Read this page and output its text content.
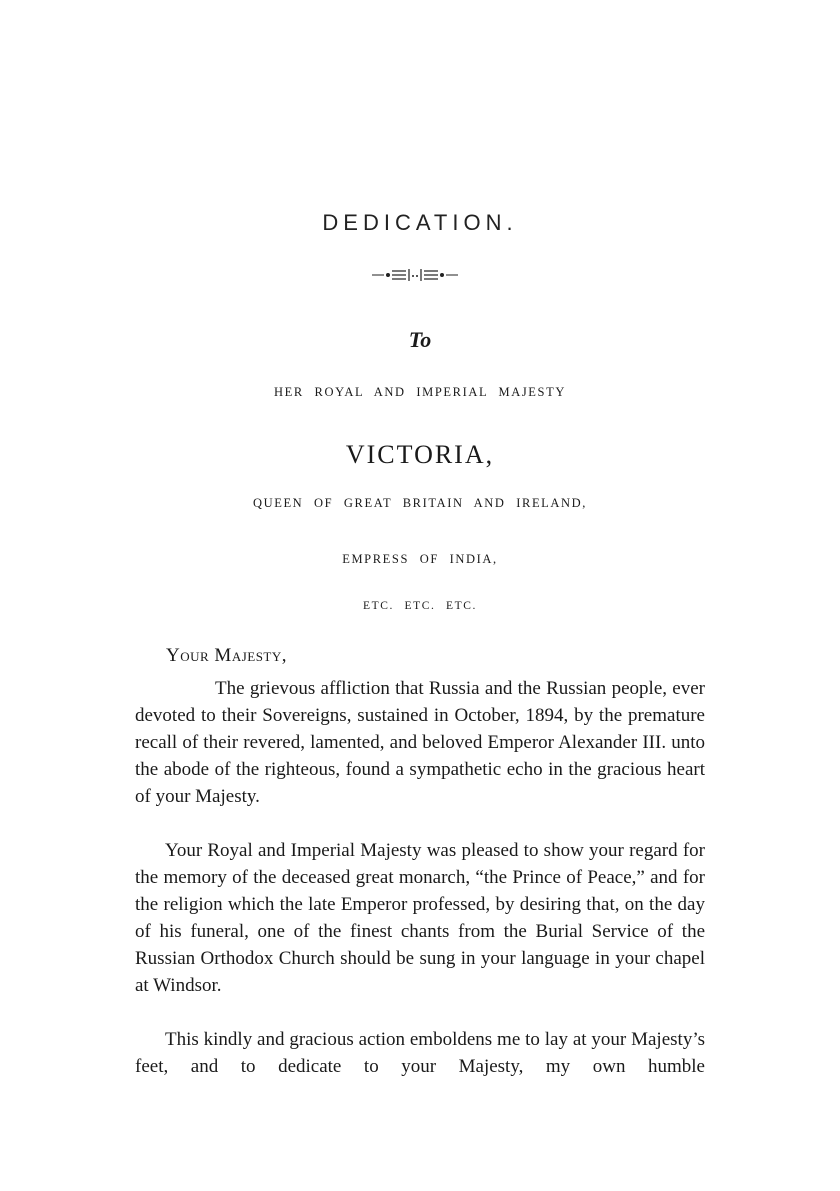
DEDICATION.
To
HER ROYAL AND IMPERIAL MAJESTY
VICTORIA,
QUEEN OF GREAT BRITAIN AND IRELAND,
EMPRESS OF INDIA,
ETC. ETC. ETC.
Your Majesty,

The grievous affliction that Russia and the Russian people, ever devoted to their Sovereigns, sustained in October, 1894, by the premature recall of their revered, lamented, and beloved Emperor Alexander III. unto the abode of the righteous, found a sympathetic echo in the gracious heart of your Majesty.

Your Royal and Imperial Majesty was pleased to show your regard for the memory of the deceased great monarch, “the Prince of Peace,” and for the religion which the late Emperor professed, by desiring that, on the day of his funeral, one of the finest chants from the Burial Service of the Russian Orthodox Church should be sung in your language in your chapel at Windsor.

This kindly and gracious action emboldens me to lay at your Majesty’s feet, and to dedicate to your Majesty, my own humble
